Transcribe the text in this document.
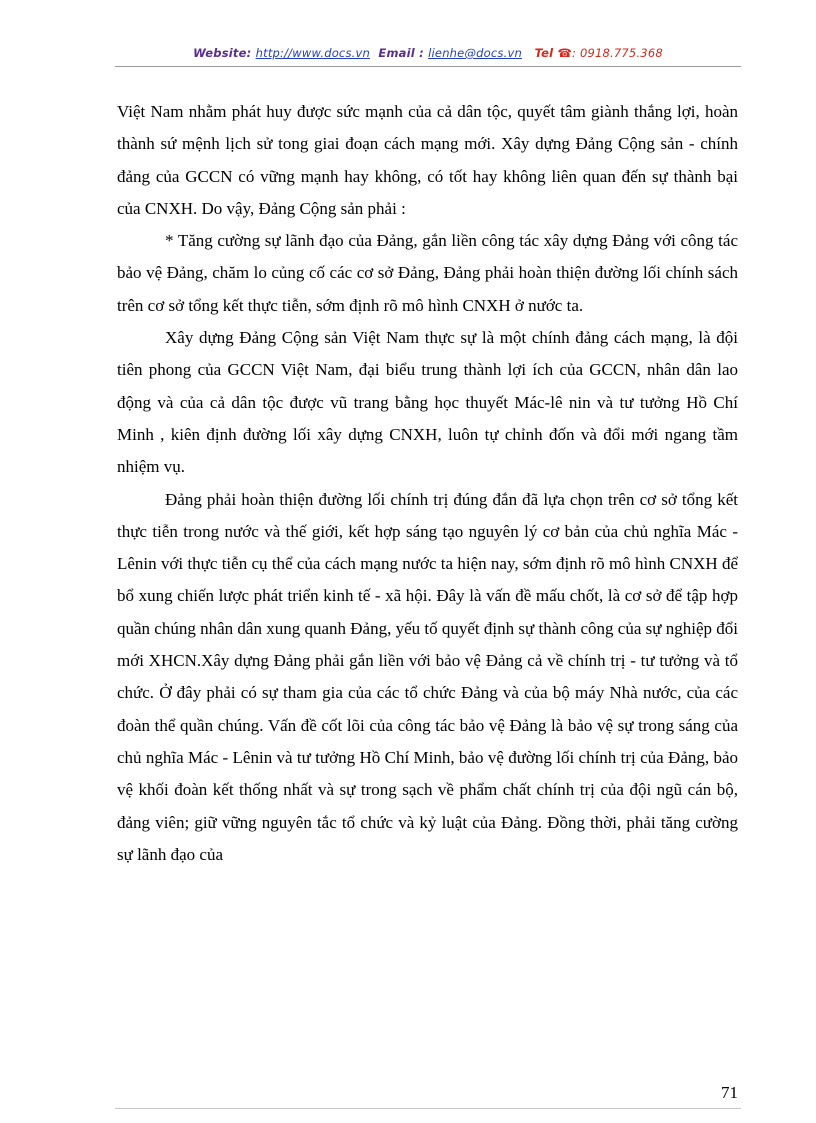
Website: http://www.docs.vn Email : lienhe@docs.vn Tel ☎: 0918.775.368

Việt Nam nhằm phát huy được sức mạnh của cả dân tộc, quyết tâm giành thắng lợi, hoàn thành sứ mệnh lịch sử tong giai đoạn cách mạng mới. Xây dựng Đảng Cộng sản - chính đảng của GCCN có vững mạnh hay không, có tốt hay không liên quan đến sự thành bại của CNXH. Do vậy, Đảng Cộng sản phải :

* Tăng cường sự lãnh đạo của Đảng, gắn liền công tác xây dựng Đảng với công tác bảo vệ Đảng, chăm lo củng cố các cơ sở Đảng, Đảng phải hoàn thiện đường lối chính sách trên cơ sở tổng kết thực tiễn, sớm định rõ mô hình CNXH ở nước ta.

Xây dựng Đảng Cộng sản Việt Nam thực sự là một chính đảng cách mạng, là đội tiên phong của GCCN Việt Nam, đại biểu trung thành lợi ích của GCCN, nhân dân lao động và của cả dân tộc được vũ trang bằng học thuyết Mác-lê nin và tư tưởng Hồ Chí Minh , kiên định đường lối xây dựng CNXH, luôn tự chỉnh đốn và đổi mới ngang tầm nhiệm vụ.

Đảng phải hoàn thiện đường lối chính trị đúng đắn đã lựa chọn trên cơ sở tổng kết thực tiễn trong nước và thế giới, kết hợp sáng tạo nguyên lý cơ bản của chủ nghĩa Mác - Lênin với thực tiễn cụ thể của cách mạng nước ta hiện nay, sớm định rõ mô hình CNXH để bổ xung chiến lược phát triển kinh tế - xã hội. Đây là vấn đề mấu chốt, là cơ sở để tập hợp quần chúng nhân dân xung quanh Đảng, yếu tố quyết định sự thành công của sự nghiệp đổi mới XHCN.Xây dựng Đảng phải gắn liền với bảo vệ Đảng cả về chính trị - tư tưởng và tổ chức. Ở đây phải có sự tham gia của các tổ chức Đảng và của bộ máy Nhà nước, của các đoàn thể quần chúng. Vấn đề cốt lõi của công tác bảo vệ Đảng là bảo vệ sự trong sáng của chủ nghĩa Mác - Lênin và tư tưởng Hồ Chí Minh, bảo vệ đường lối chính trị của Đảng, bảo vệ khối đoàn kết thống nhất và sự trong sạch về phẩm chất chính trị của đội ngũ cán bộ, đảng viên; giữ vững nguyên tắc tổ chức và kỷ luật của Đảng. Đồng thời, phải tăng cường sự lãnh đạo của

71
